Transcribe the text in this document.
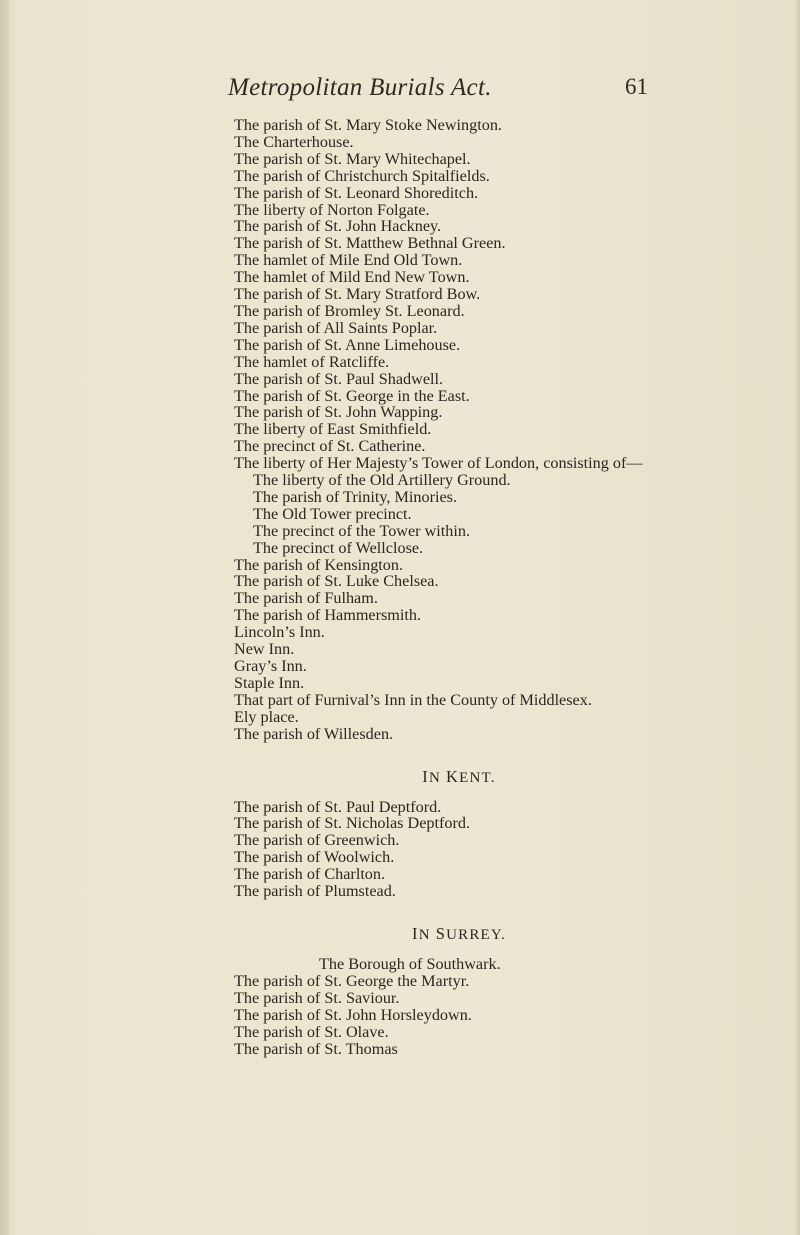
Metropolitan Burials Act.	61
The parish of St. Mary Stoke Newington.
The Charterhouse.
The parish of St. Mary Whitechapel.
The parish of Christchurch Spitalfields.
The parish of St. Leonard Shoreditch.
The liberty of Norton Folgate.
The parish of St. John Hackney.
The parish of St. Matthew Bethnal Green.
The hamlet of Mile End Old Town.
The hamlet of Mild End New Town.
The parish of St. Mary Stratford Bow.
The parish of Bromley St. Leonard.
The parish of All Saints Poplar.
The parish of St. Anne Limehouse.
The hamlet of Ratcliffe.
The parish of St. Paul Shadwell.
The parish of St. George in the East.
The parish of St. John Wapping.
The liberty of East Smithfield.
The precinct of St. Catherine.
The liberty of Her Majesty’s Tower of London, consisting of—
The liberty of the Old Artillery Ground.
The parish of Trinity, Minories.
The Old Tower precinct.
The precinct of the Tower within.
The precinct of Wellclose.
The parish of Kensington.
The parish of St. Luke Chelsea.
The parish of Fulham.
The parish of Hammersmith.
Lincoln’s Inn.
New Inn.
Gray’s Inn.
Staple Inn.
That part of Furnival’s Inn in the County of Middlesex.
Ely place.
The parish of Willesden.
IN KENT.
The parish of St. Paul Deptford.
The parish of St. Nicholas Deptford.
The parish of Greenwich.
The parish of Woolwich.
The parish of Charlton.
The parish of Plumstead.
IN SURREY.
The Borough of Southwark.
The parish of St. George the Martyr.
The parish of St. Saviour.
The parish of St. John Horsleydown.
The parish of St. Olave.
The parish of St. Thomas
